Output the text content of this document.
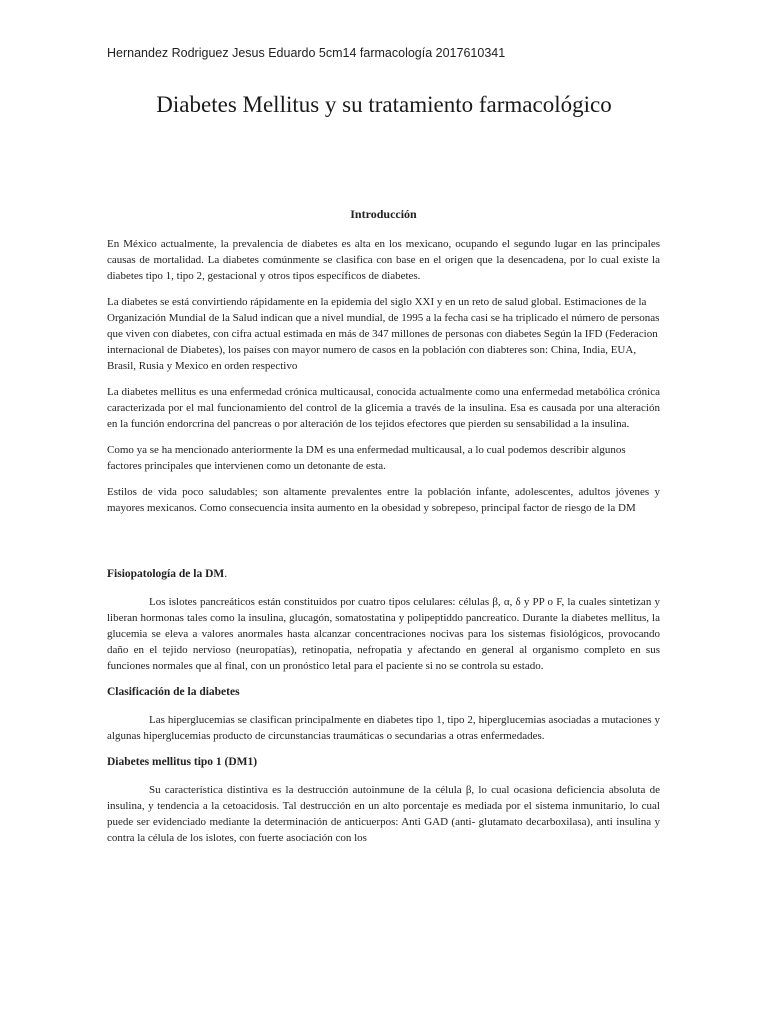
Hernandez Rodriguez Jesus Eduardo 5cm14 farmacología 2017610341
Diabetes Mellitus y su tratamiento farmacológico
Introducción

En México actualmente, la prevalencia de diabetes es alta en los mexicano, ocupando el segundo lugar en las principales causas de mortalidad. La diabetes comúnmente se clasifica con base en el origen que la desencadena, por lo cual existe la diabetes tipo 1, tipo 2, gestacional y otros tipos específicos de diabetes.

La diabetes se está convirtiendo rápidamente en la epidemia del siglo XXI y en un reto de salud global. Estimaciones de la Organización Mundial de la Salud indican que a nivel mundial, de 1995 a la fecha casi se ha triplicado el número de personas que viven con diabetes, con cifra actual estimada en más de 347 millones de personas con diabetes Según la IFD (Federacion internacional de Diabetes), los países con mayor numero de casos en la población con diabteres son: China, India, EUA, Brasil, Rusia y Mexico en orden respectivo

La diabetes mellitus es una enfermedad crónica multicausal, conocida actualmente como una enfermedad metabólica crónica caracterizada por el mal funcionamiento del control de la glicemia a través de la insulina. Esa es causada por una alteración en la función endorcrina del pancreas o por alteración de los tejidos efectores que pierden su sensabilidad a la insulina.

Como ya se ha mencionado anteriormente la DM es una enfermedad multicausal, a lo cual podemos describir algunos factores principales que intervienen como un detonante de esta.

Estilos de vida poco saludables; son altamente prevalentes entre la población infante, adolescentes, adultos jóvenes y mayores mexicanos. Como consecuencia insita aumento en la obesidad y sobrepeso, principal factor de riesgo de la DM

Fisiopatología de la DM.

Los islotes pancreáticos están constituidos por cuatro tipos celulares: células β, α, δ y PP o F, la cuales sintetizan y liberan hormonas tales como la insulina, glucagón, somatostatina y polipeptiddo pancreatico. Durante la diabetes mellitus, la glucemia se eleva a valores anormales hasta alcanzar concentraciones nocivas para los sistemas fisiológicos, provocando daño en el tejido nervioso (neuropatías), retinopatia, nefropatia y afectando en general al organismo completo en sus funciones normales que al final, con un pronóstico letal para el paciente si no se controla su estado.

Clasificación de la diabetes

Las hiperglucemias se clasifican principalmente en diabetes tipo 1, tipo 2, hiperglucemias asociadas a mutaciones y algunas hiperglucemias producto de circunstancias traumáticas o secundarias a otras enfermedades.

Diabetes mellitus tipo 1 (DM1)

Su característica distintiva es la destrucción autoinmune de la célula β, lo cual ocasiona deficiencia absoluta de insulina, y tendencia a la cetoacidosis. Tal destrucción en un alto porcentaje es mediada por el sistema inmunitario, lo cual puede ser evidenciado mediante la determinación de anticuerpos: Anti GAD (anti- glutamato decarboxilasa), anti insulina y contra la célula de los islotes, con fuerte asociación con los
